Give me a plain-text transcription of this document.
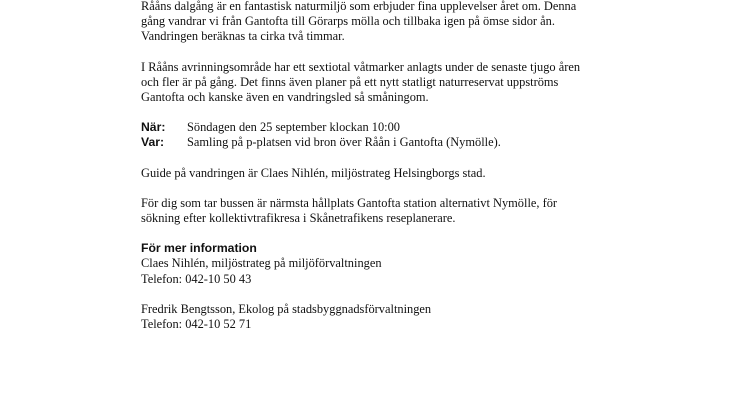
Rååns dalgång är en fantastisk naturmiljö som erbjuder fina upplevelser året om. Denna

gång vandrar vi från Gantofta till Görarps mölla och tillbaka igen på ömse sidor ån.

Vandringen beräknas ta cirka två timmar.

I Rååns avrinningsområde har ett sextiotal våtmarker anlagts under de senaste tjugo åren

och fler är på gång. Det finns även planer på ett nytt statligt naturreservat uppströms

Gantofta och kanske även en vandringsled så småningom.

När:	Söndagen den 25 september klockan 10:00
Var:	Samling på p-platsen vid bron över Råån i Gantofta (Nymölle).

Guide på vandringen är Claes Nihlén, miljöstrateg Helsingborgs stad.

För dig som tar bussen är närmsta hållplats Gantofta station alternativt Nymölle, för

sökning efter kollektivtrafikresa i Skånetrafikens reseplanerare.

För mer information

Claes Nihlén, miljöstrateg på miljöförvaltningen

Telefon: 042-10 50 43

Fredrik Bengtsson, Ekolog på stadsbyggnadsförvaltningen

Telefon: 042-10 52 71
